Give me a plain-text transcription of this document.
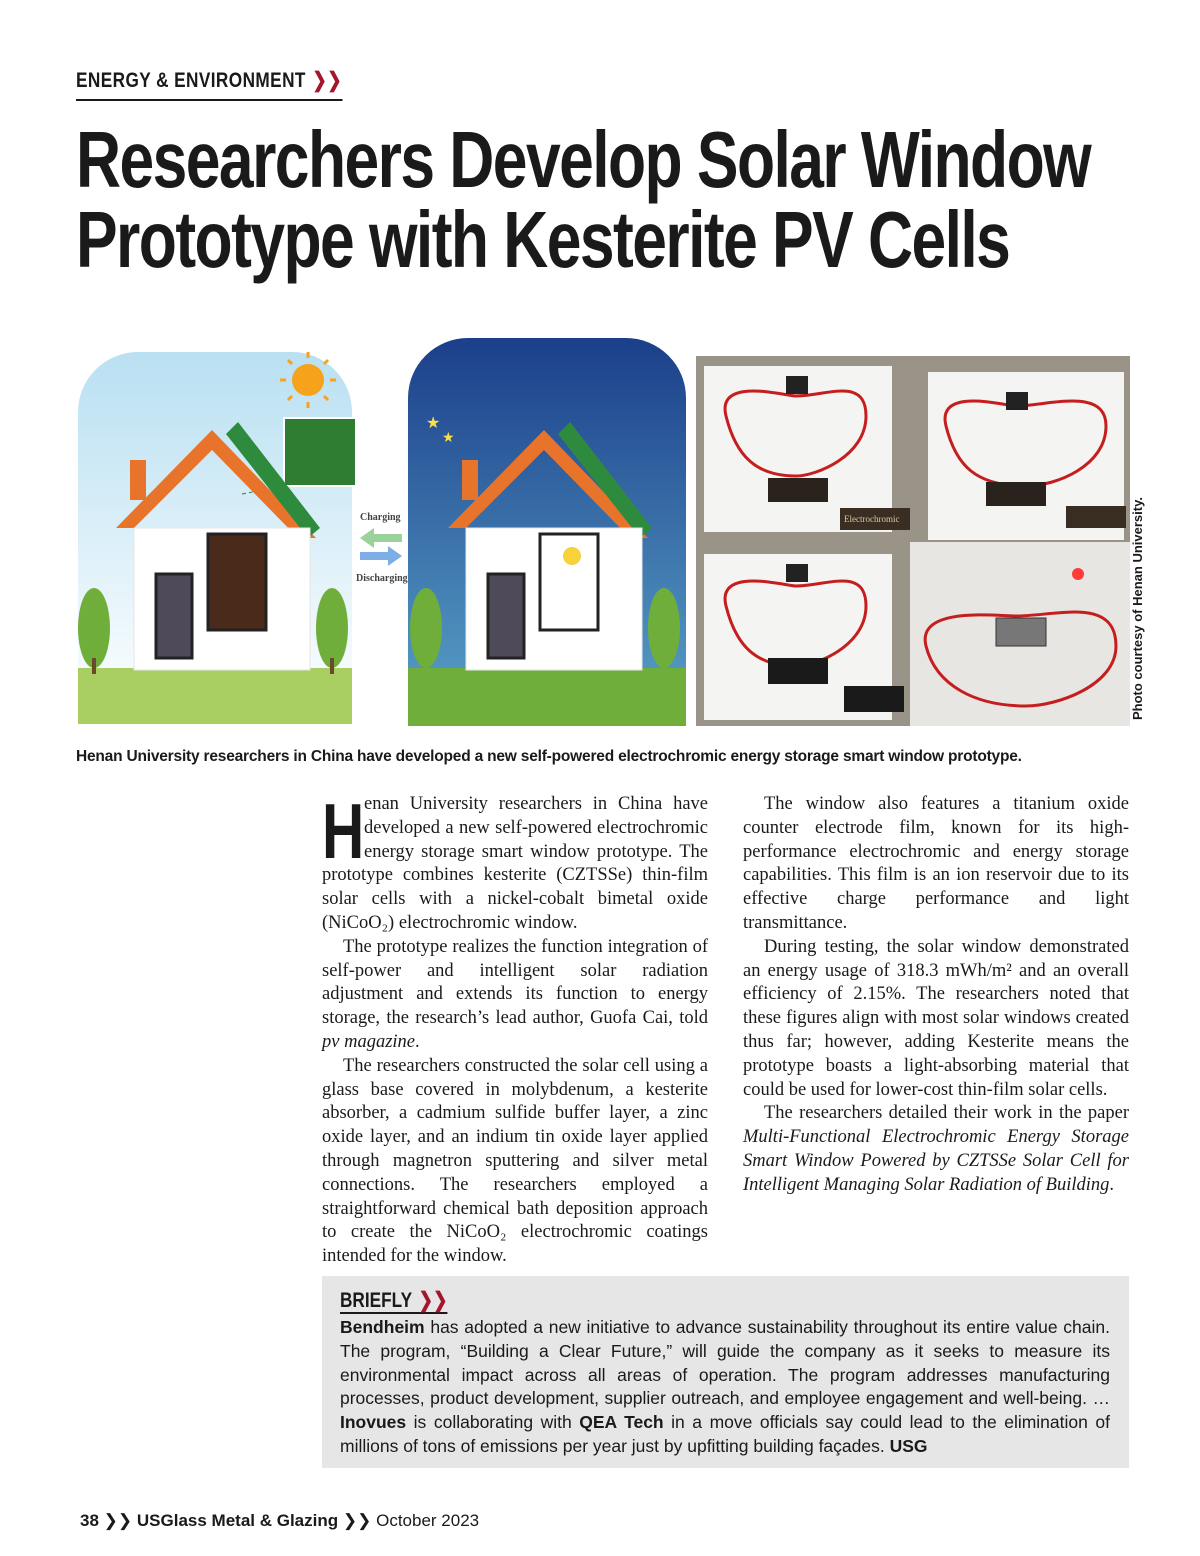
ENERGY & ENVIRONMENT ❯❯
Researchers Develop Solar Window
Prototype with Kesterite PV Cells
Charging
Discharging
★
★
Electrochromic	Photo courtesy of Henan University.
Henan University researchers in China have developed a new self-powered electrochromic energy storage smart window prototype.

Henan University researchers in China have developed a new self-powered electrochromic energy storage smart window prototype. The prototype combines kesterite (CZTSSe) thin-film solar cells with a nickel-cobalt bimetal oxide (NiCoO₂) electrochromic window.

The prototype realizes the function integration of self-power and intelligent solar radiation adjustment and extends its function to energy storage, the research’s lead author, Guofa Cai, told pv magazine.

The researchers constructed the solar cell using a glass base covered in molybdenum, a kesterite absorber, a cadmium sulfide buffer layer, a zinc oxide layer, and an indium tin oxide layer applied through magnetron sputtering and silver metal connections. The researchers employed a straightforward chemical bath deposition approach to create the NiCoO₂ electrochromic coatings intended for the window.

The window also features a titanium oxide counter electrode film, known for its high-performance electrochromic and energy storage capabilities. This film is an ion reservoir due to its effective charge performance and light transmittance.

During testing, the solar window demonstrated an energy usage of 318.3 mWh/m² and an overall efficiency of 2.15%. The researchers noted that these figures align with most solar windows created thus far; however, adding Kesterite means the prototype boasts a light-absorbing material that could be used for lower-cost thin-film solar cells.

The researchers detailed their work in the paper Multi-Functional Electrochromic Energy Storage Smart Window Powered by CZTSSe Solar Cell for Intelligent Managing Solar Radiation of Building.

BRIEFLY ❯❯
Bendheim has adopted a new initiative to advance sustainability throughout its entire value chain. The program, “Building a Clear Future,” will guide the company as it seeks to measure its environmental impact across all areas of operation. The program addresses manufacturing processes, product development, supplier outreach, and employee engagement and well-being. … Inovues is collaborating with QEA Tech in a move officials say could lead to the elimination of millions of tons of emissions per year just by upfitting building façades. USG
38 ❯❯ USGlass Metal & Glazing ❯❯ October 2023
